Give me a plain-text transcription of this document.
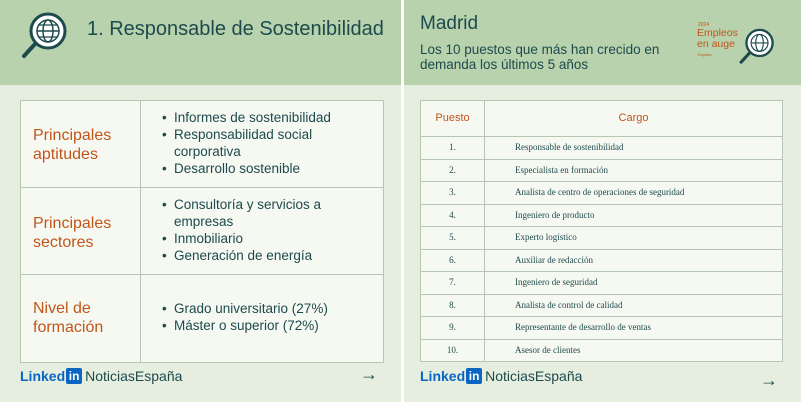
1. Responsable de Sostenibilidad
Principales aptitudes
• Informes de sostenibilidad
• Responsabilidad social corporativa
• Desarrollo sostenible
Principales sectores
• Consultoría y servicios a empresas
• Inmobiliario
• Generación de energía
Nivel de formación
• Grado universitario (27%)
• Máster o superior (72%)
Linked in NoticiasEspaña	→
Madrid
Los 10 puestos que más han crecido en demanda los últimos 5 años
2024
Empleos
en auge
España
Puesto	Cargo
1.	Responsable de sostenibilidad
2.	Especialista en formación
3.	Analista de centro de operaciones de seguridad
4.	Ingeniero de producto
5.	Experto logístico
6.	Auxiliar de redacción
7.	Ingeniero de seguridad
8.	Analista de control de calidad
9.	Representante de desarrollo de ventas
10.	Asesor de clientes
Linked in NoticiasEspaña	→
